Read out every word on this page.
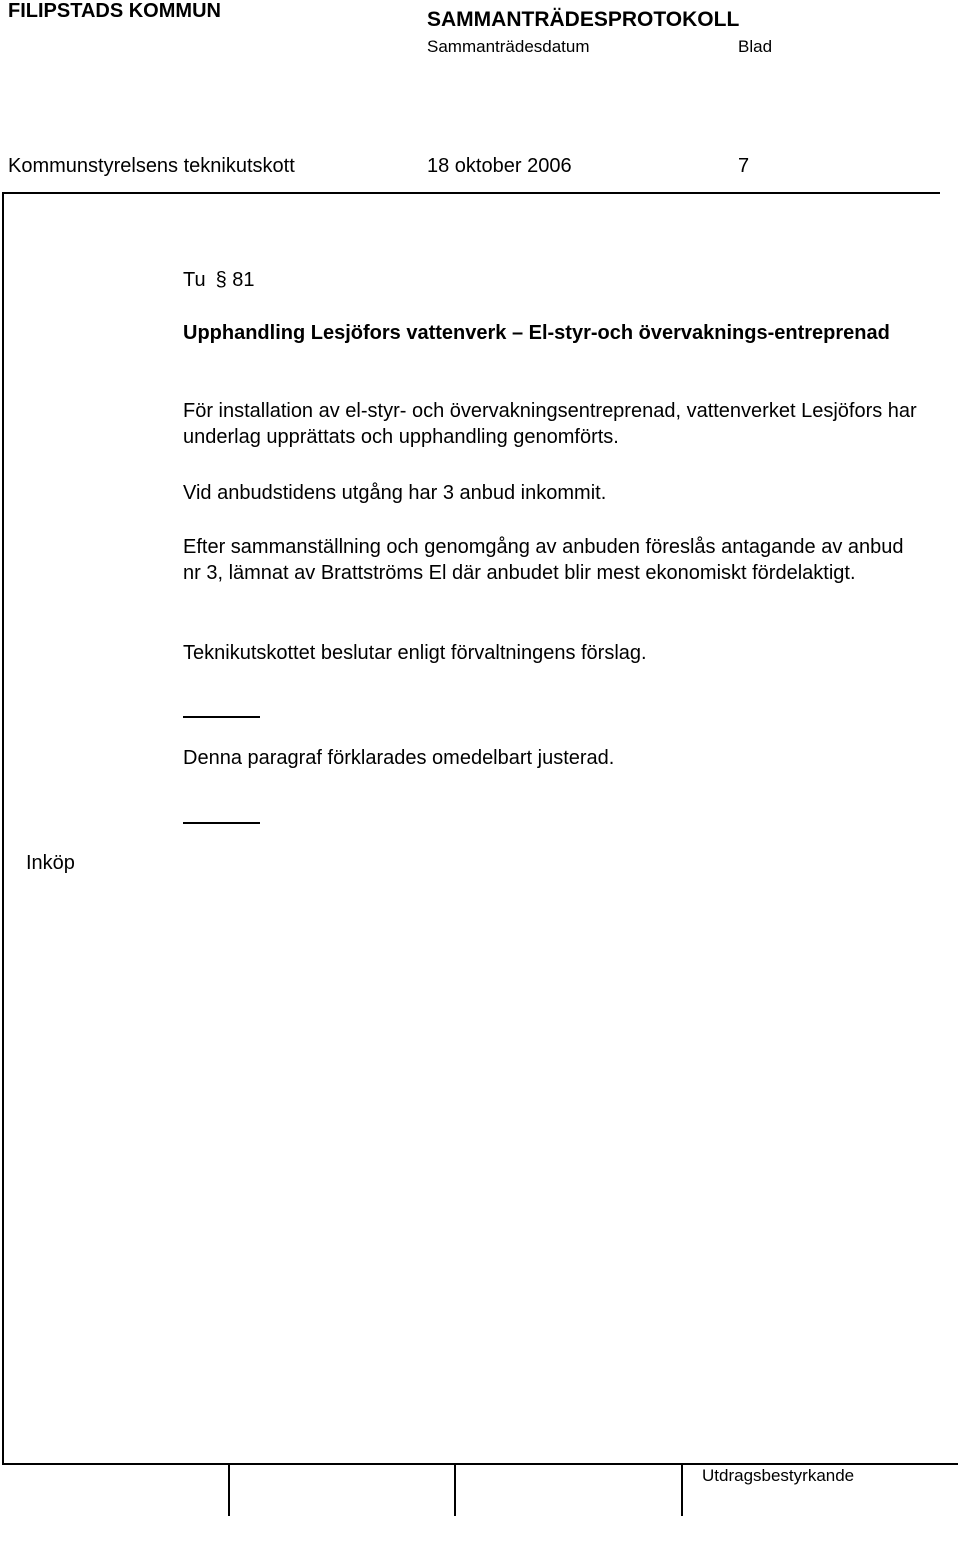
FILIPSTADS KOMMUN	SAMMANTRÄDESPROTOKOLL
Sammanträdesdatum	Blad
Kommunstyrelsens teknikutskott	18 oktober 2006	7
Tu § 81
Upphandling Lesjöfors vattenverk – El-styr-och övervaknings-entreprenad
För installation av el-styr- och övervakningsentreprenad, vattenverket Lesjöfors har underlag upprättats och upphandling genomförts.
Vid anbudstidens utgång har 3 anbud inkommit.
Efter sammanställning och genomgång av anbuden föreslås antagande av anbud nr 3, lämnat av Brattströms El där anbudet blir mest ekonomiskt fördelaktigt.
Teknikutskottet beslutar enligt förvaltningens förslag.
Denna paragraf förklarades omedelbart justerad.
Inköp
Utdragsbestyrkande
